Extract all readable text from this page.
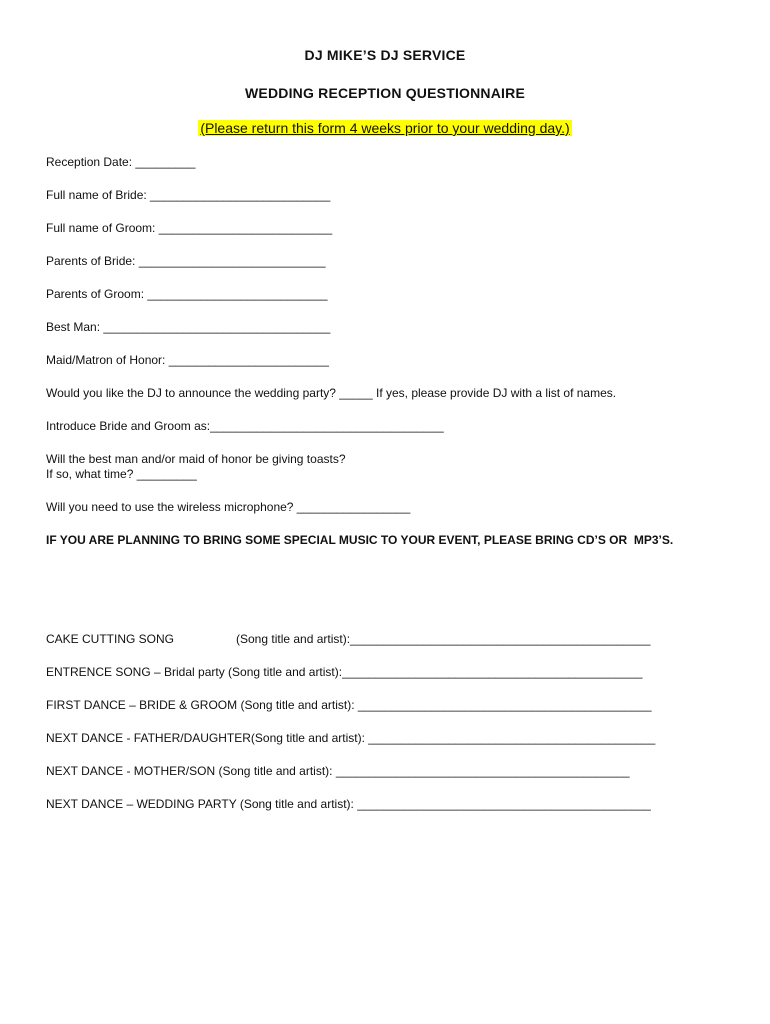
DJ MIKE’S DJ SERVICE
WEDDING RECEPTION QUESTIONNAIRE
(Please return this form 4 weeks prior to your wedding day.)
Reception Date: _________
Full name of Bride: ___________________________
Full name of Groom: __________________________
Parents of Bride: ____________________________
Parents of Groom: ___________________________
Best Man: __________________________________
Maid/Matron of Honor: ________________________
Would you like the DJ to announce the wedding party? _____ If yes, please provide DJ with a list of names.
Introduce Bride and Groom as:___________________________________
Will the best man and/or maid of honor be giving toasts?
If so, what time? _________
Will you need to use the wireless microphone? _________________
IF YOU ARE PLANNING TO BRING SOME SPECIAL MUSIC TO YOUR EVENT, PLEASE BRING CD’S OR  MP3’S.
CAKE CUTTING SONG	(Song title and artist):_____________________________________________
ENTRENCE SONG – Bridal party (Song title and artist):_____________________________________________
FIRST DANCE – BRIDE & GROOM (Song title and artist): ____________________________________________
NEXT DANCE - FATHER/DAUGHTER(Song title and artist): ___________________________________________
NEXT DANCE - MOTHER/SON (Song title and artist): ____________________________________________
NEXT DANCE – WEDDING PARTY (Song title and artist): ____________________________________________
